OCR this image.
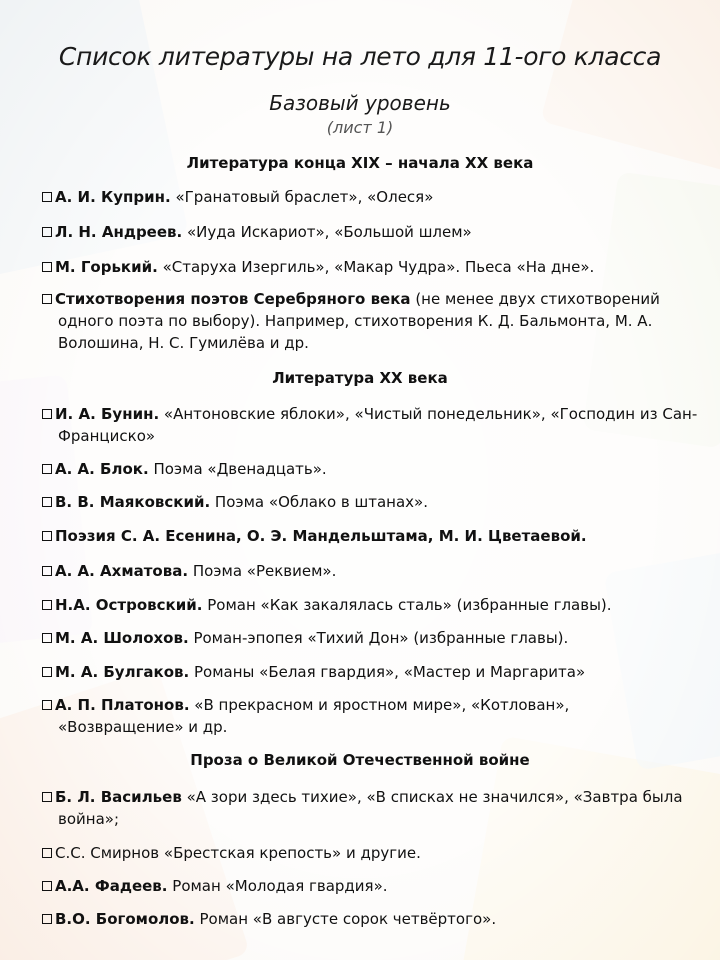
Список литературы на лето для 11-ого класса
Базовый уровень
(лист 1)
Литература конца XIX – начала XX века
А. И. Куприн. «Гранатовый браслет», «Олеся»
Л. Н. Андреев. «Иуда Искариот», «Большой шлем»
М. Горький. «Старуха Изергиль», «Макар Чудра». Пьеса «На дне».
Стихотворения поэтов Серебряного века (не менее двух стихотворений одного поэта по выбору). Например, стихотворения К. Д. Бальмонта, М. А. Волошина, Н. С. Гумилёва и др.
Литература XX века
И. А. Бунин. «Антоновские яблоки», «Чистый понедельник», «Господин из Сан-Франциско»
А. А. Блок. Поэма «Двенадцать».
В. В. Маяковский. Поэма «Облако в штанах».
Поэзия С. А. Есенина, О. Э. Мандельштама, М. И. Цветаевой.
А. А. Ахматова. Поэма «Реквием».
Н.А. Островский. Роман «Как закалялась сталь» (избранные главы).
М. А. Шолохов. Роман-эпопея «Тихий Дон» (избранные главы).
М. А. Булгаков. Романы «Белая гвардия», «Мастер и Маргарита»
А. П. Платонов. «В прекрасном и яростном мире», «Котлован», «Возвращение» и др.
Проза о Великой Отечественной войне
Б. Л. Васильев «А зори здесь тихие», «В списках не значился», «Завтра была война»;
С.С. Смирнов «Брестская крепость» и другие.
А.А. Фадеев. Роман «Молодая гвардия».
В.О. Богомолов. Роман «В августе сорок четвёртого».
